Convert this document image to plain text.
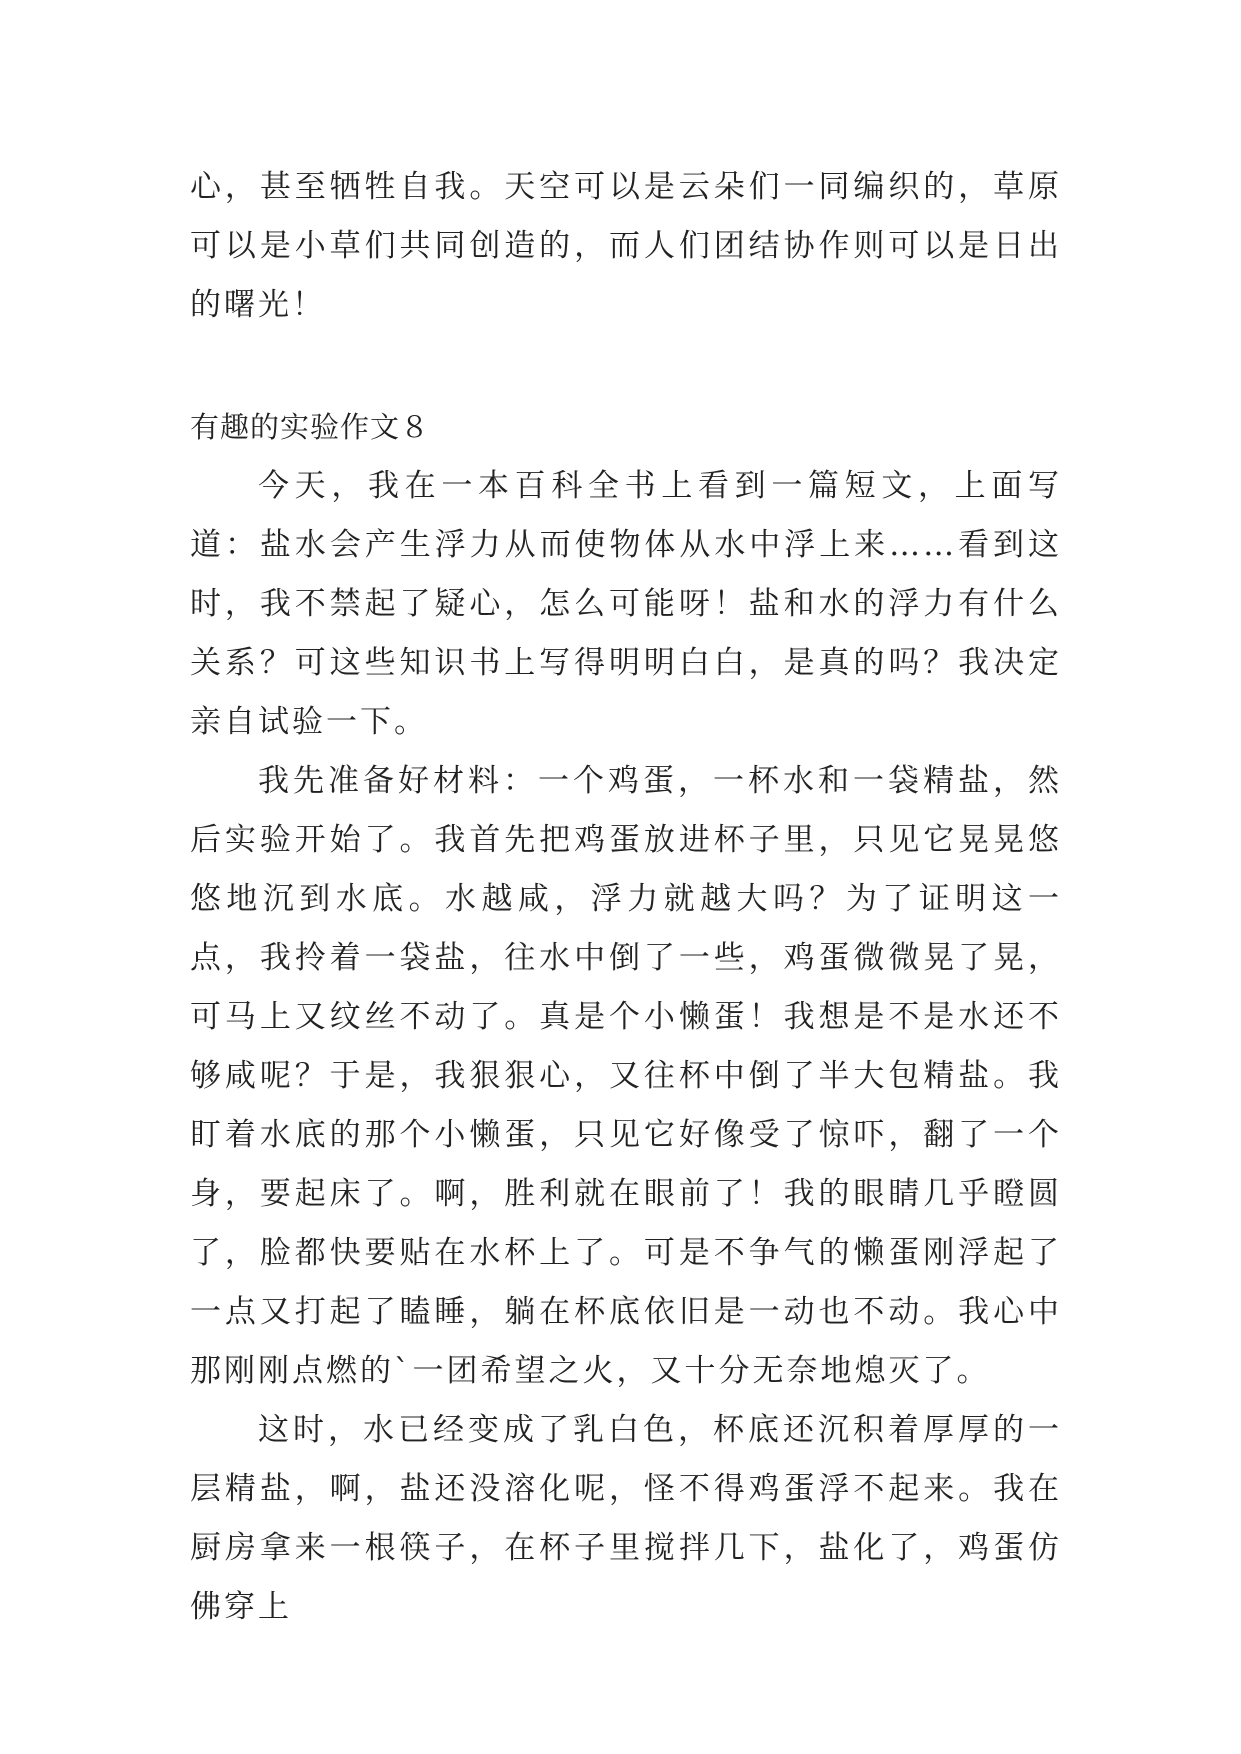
心，甚至牺牲自我。天空可以是云朵们一同编织的，草原可以是小草们共同创造的，而人们团结协作则可以是日出的曙光！

有趣的实验作文８

今天，我在一本百科全书上看到一篇短文，上面写道：盐水会产生浮力从而使物体从水中浮上来……看到这时，我不禁起了疑心，怎么可能呀！盐和水的浮力有什么关系？可这些知识书上写得明明白白，是真的吗？我决定亲自试验一下。

我先准备好材料：一个鸡蛋，一杯水和一袋精盐，然后实验开始了。我首先把鸡蛋放进杯子里，只见它晃晃悠悠地沉到水底。水越咸，浮力就越大吗？为了证明这一点，我拎着一袋盐，往水中倒了一些，鸡蛋微微晃了晃，可马上又纹丝不动了。真是个小懒蛋！我想是不是水还不够咸呢？于是，我狠狠心，又往杯中倒了半大包精盐。我盯着水底的那个小懒蛋，只见它好像受了惊吓，翻了一个身，要起床了。啊，胜利就在眼前了！我的眼睛几乎瞪圆了，脸都快要贴在水杯上了。可是不争气的懒蛋刚浮起了一点又打起了瞌睡，躺在杯底依旧是一动也不动。我心中那刚刚点燃的`一团希望之火，又十分无奈地熄灭了。

这时，水已经变成了乳白色，杯底还沉积着厚厚的一层精盐，啊，盐还没溶化呢，怪不得鸡蛋浮不起来。我在厨房拿来一根筷子，在杯子里搅拌几下，盐化了，鸡蛋仿佛穿上
